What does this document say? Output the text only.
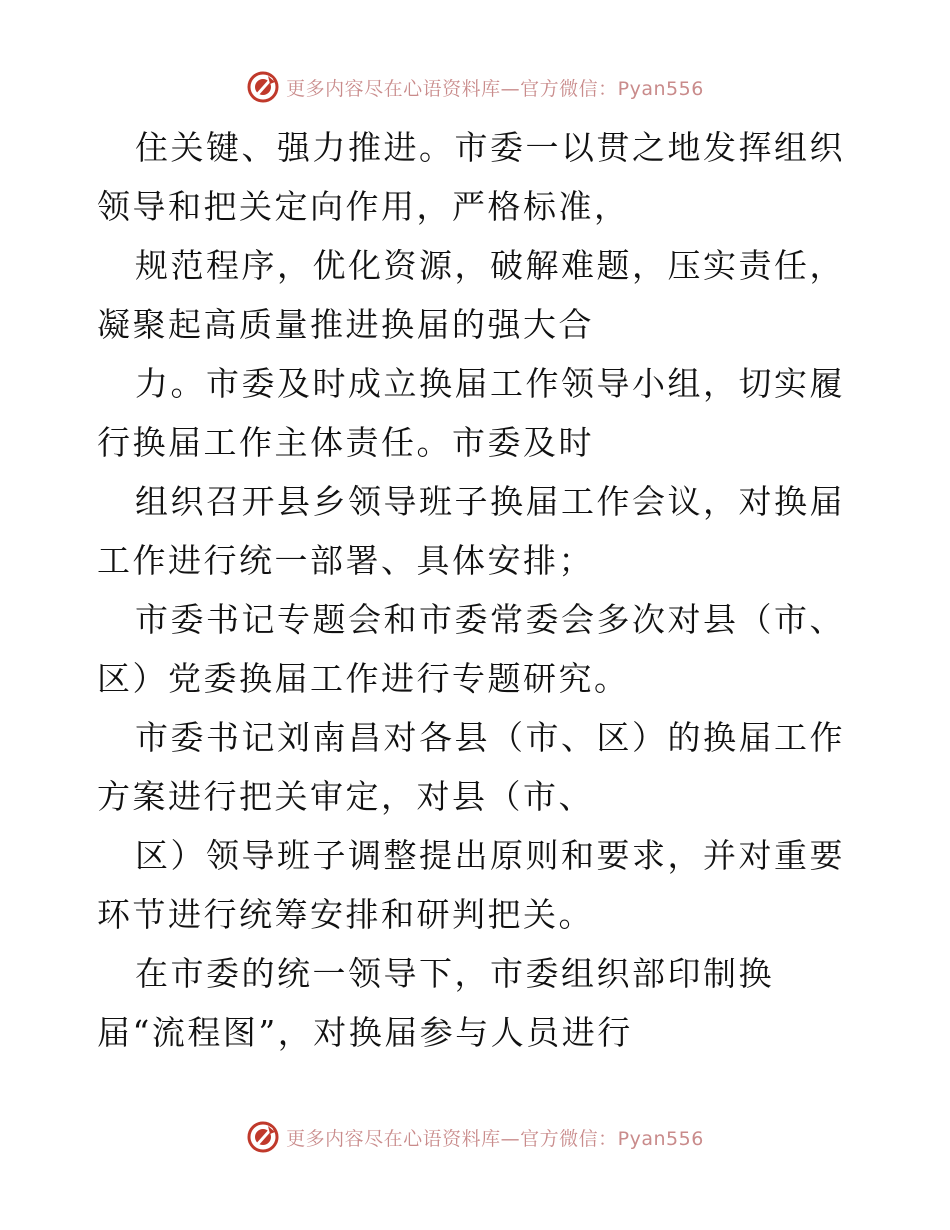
更多内容尽在心语资料库—官方微信：Pyan556

住关键、强力推进。市委一以贯之地发挥组织领导和把关定向作用，严格标准，

规范程序，优化资源，破解难题，压实责任，凝聚起高质量推进换届的强大合

力。市委及时成立换届工作领导小组，切实履行换届工作主体责任。市委及时

组织召开县乡领导班子换届工作会议，对换届工作进行统一部署、具体安排；

市委书记专题会和市委常委会多次对县（市、区）党委换届工作进行专题研究。

市委书记刘南昌对各县（市、区）的换届工作方案进行把关审定，对县（市、

区）领导班子调整提出原则和要求，并对重要环节进行统筹安排和研判把关。

在市委的统一领导下，市委组织部印制换届“流程图”，对换届参与人员进行

更多内容尽在心语资料库—官方微信：Pyan556
